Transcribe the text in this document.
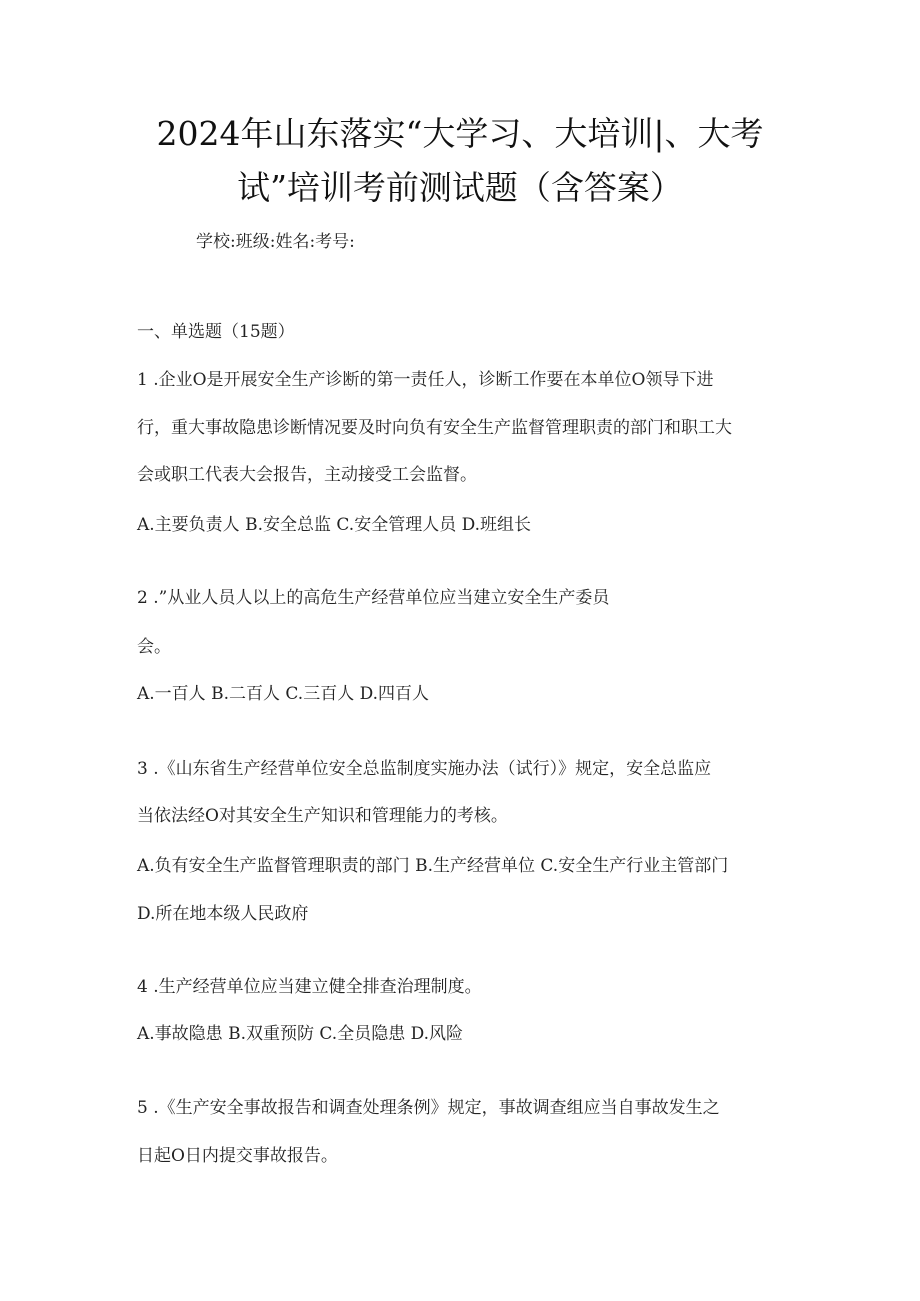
2024年山东落实“大学习、大培训|、大考
试”培训考前测试题（含答案）
学校:班级:姓名:考号:
一、单选题（15题）
1 .企业O是开展安全生产诊断的第一责任人，诊断工作要在本单位O领导下进
行，重大事故隐患诊断情况要及时向负有安全生产监督管理职责的部门和职工大
会或职工代表大会报告，主动接受工会监督。
A.主要负责人 B.安全总监 C.安全管理人员 D.班组长
2 .”从业人员人以上的高危生产经营单位应当建立安全生产委员
会。
A.一百人 B.二百人 C.三百人 D.四百人
3 .《山东省生产经营单位安全总监制度实施办法（试行）》规定，安全总监应
当依法经O对其安全生产知识和管理能力的考核。
A.负有安全生产监督管理职责的部门 B.生产经营单位 C.安全生产行业主管部门
D.所在地本级人民政府
4 .生产经营单位应当建立健全排查治理制度。
A.事故隐患 B.双重预防 C.全员隐患 D.风险
5 .《生产安全事故报告和调查处理条例》规定，事故调查组应当自事故发生之
日起O日内提交事故报告。
